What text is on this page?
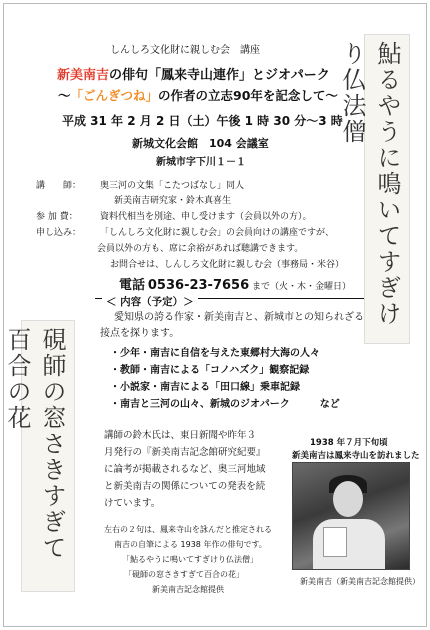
しんしろ文化財に親しむ会　講座
新美南吉の俳句「鳳来寺山連作」とジオパーク
～「ごんぎつね」の作者の立志90年を記念して～
平成 31 年 2 月 2 日（土）午後 1 時 30 分～3 時
新城文化会館　104 会議室
新城市字下川１－１
講　　師： 奥三河の文集「こたつばなし」同人
新美南吉研究家・鈴木真喜生
参 加 費： 資料代相当を別途、申し受けます（会員以外の方）。
申し込み： 「しんしろ文化財に親しむ会」の会員向けの講座ですが、
会員以外の方も、席に余裕があれば聴講できます。
お問合せは、しんしろ文化財に親しむ会（事務局・米谷）
電話 0536-23-7656 まで（火・木・金曜日）
＜ 内容（予定）＞
愛知県の誇る作家・新美南吉と、新城市との知られざる
接点を探ります。
・少年・南吉に自信を与えた東郷村大海の人々
・教師・南吉による「コノハズク」観察記録
・小説家・南吉による「田口線」乗車記録
・南吉と三河の山々、新城のジオパーク　　　など
講師の鈴木氏は、東日新聞や昨年３
月発行の『新美南吉記念館研究紀要』
に論考が掲載されるなど、奥三河地域
と新美南吉の関係についての発表を続
けています。
左右の２句は、鳳来寺山を詠んだと推定される
南吉の自筆による 1938 年作の俳句です。
「鮎るやうに鳴いてすぎけり仏法僧」
「硯師の窓さきすぎて百合の花」
新美南吉記念館提供
1938 年７月下旬頃
新美南吉は鳳来寺山を訪れました
新美南吉（新美南吉記念館提供）
鮎るやうに鳴いてすぎけり仏法僧
硯師の窓さきすぎて百合の花
